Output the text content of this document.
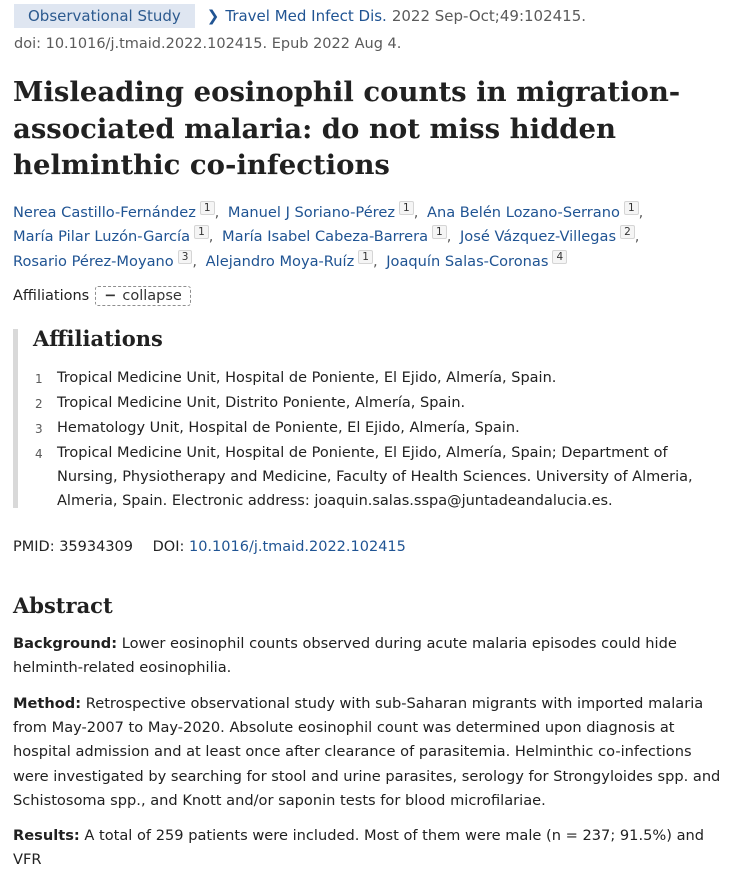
Observational Study	❯ Travel Med Infect Dis. 2022 Sep-Oct;49:102415.
doi: 10.1016/j.tmaid.2022.102415. Epub 2022 Aug 4.
Misleading eosinophil counts in migration-associated malaria: do not miss hidden helminthic co-infections
Nerea Castillo-Fernández 1 , Manuel J Soriano-Pérez 1 , Ana Belén Lozano-Serrano 1 ,
María Pilar Luzón-García 1 , María Isabel Cabeza-Barrera 1 , José Vázquez-Villegas 2 ,
Rosario Pérez-Moyano 3 , Alejandro Moya-Ruíz 1 , Joaquín Salas-Coronas 4
Affiliations − collapse
Affiliations
1 Tropical Medicine Unit, Hospital de Poniente, El Ejido, Almería, Spain.
2 Tropical Medicine Unit, Distrito Poniente, Almería, Spain.
3 Hematology Unit, Hospital de Poniente, El Ejido, Almería, Spain.
4 Tropical Medicine Unit, Hospital de Poniente, El Ejido, Almería, Spain; Department of Nursing, Physiotherapy and Medicine, Faculty of Health Sciences. University of Almeria, Almeria, Spain. Electronic address: joaquin.salas.sspa@juntadeandalucia.es.
PMID: 35934309 DOI: 10.1016/j.tmaid.2022.102415
Abstract

Background: Lower eosinophil counts observed during acute malaria episodes could hide helminth-related eosinophilia.

Method: Retrospective observational study with sub-Saharan migrants with imported malaria from May-2007 to May-2020. Absolute eosinophil count was determined upon diagnosis at hospital admission and at least once after clearance of parasitemia. Helminthic co-infections were investigated by searching for stool and urine parasites, serology for Strongyloides spp. and Schistosoma spp., and Knott and/or saponin tests for blood microfilariae.

Results: A total of 259 patients were included. Most of them were male (n = 237; 91.5%) and VFR
